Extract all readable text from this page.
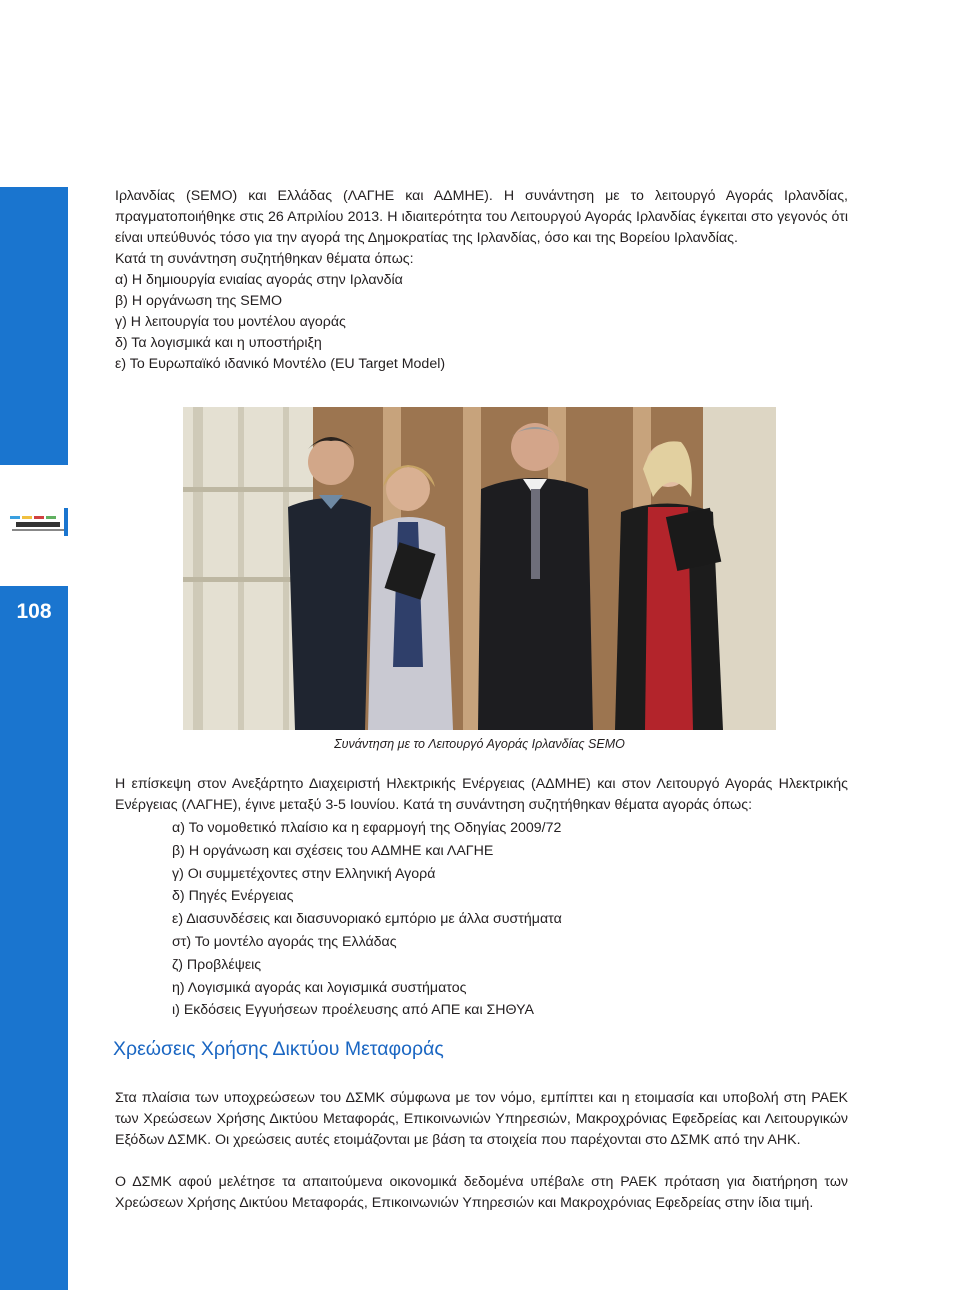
108
Ιρλανδίας (SEMO) και Ελλάδας (ΛΑΓΗΕ και ΑΔΜΗΕ). Η συνάντηση με το λειτουργό Αγοράς Ιρλανδίας, πραγματοποιήθηκε στις 26 Απριλίου 2013. Η ιδιαιτερότητα του Λειτουργού Αγοράς Ιρλανδίας έγκειται στο γεγονός ότι είναι υπεύθυνός τόσο για την αγορά της Δημοκρατίας της Ιρλανδίας, όσο και της Βορείου Ιρλανδίας.
Κατά τη συνάντηση συζητήθηκαν θέματα όπως:
α) Η δημιουργία ενιαίας αγοράς στην Ιρλανδία
β) Η οργάνωση της SEMO
γ) Η λειτουργία του μοντέλου αγοράς
δ) Τα λογισμικά και η υποστήριξη
ε) Το Ευρωπαϊκό ιδανικό Μοντέλο (EU Target Model)
Συνάντηση με το Λειτουργό Αγοράς Ιρλανδίας SEMO
Η επίσκεψη στον Ανεξάρτητο Διαχειριστή Ηλεκτρικής Ενέργειας (ΑΔΜΗΕ) και στον Λειτουργό Αγοράς Ηλεκτρικής Ενέργειας (ΛΑΓΗΕ), έγινε μεταξύ 3-5 Ιουνίου. Κατά τη συνάντηση συζητήθηκαν θέματα αγοράς όπως:
α) Το νομοθετικό πλαίσιο κα η εφαρμογή της Οδηγίας 2009/72
β) Η οργάνωση και σχέσεις του ΑΔΜΗΕ και ΛΑΓΗΕ
γ) Οι συμμετέχοντες στην Ελληνική Αγορά
δ) Πηγές Ενέργειας
ε) Διασυνδέσεις και διασυνοριακό εμπόριο με άλλα συστήματα
στ) Το μοντέλο αγοράς της Ελλάδας
ζ) Προβλέψεις
η) Λογισμικά αγοράς και λογισμικά συστήματος
ι) Εκδόσεις Εγγυήσεων προέλευσης από ΑΠΕ και ΣΗΘΥΑ
Χρεώσεις Χρήσης Δικτύου Μεταφοράς
Στα πλαίσια των υποχρεώσεων του ΔΣΜΚ σύμφωνα με τον νόμο, εμπίπτει και η ετοιμασία και υποβολή στη ΡΑΕΚ των Χρεώσεων Χρήσης Δικτύου Μεταφοράς, Επικοινωνιών Υπηρεσιών, Μακροχρόνιας Εφεδρείας και Λειτουργικών Εξόδων ΔΣΜΚ. Οι χρεώσεις αυτές ετοιμάζονται με βάση τα στοιχεία που παρέχονται στο ΔΣΜΚ από την ΑΗΚ.
Ο ΔΣΜΚ αφού μελέτησε τα απαιτούμενα οικονομικά δεδομένα υπέβαλε στη ΡΑΕΚ πρόταση για διατήρηση των Χρεώσεων Χρήσης Δικτύου Μεταφοράς, Επικοινωνιών Υπηρεσιών και Μακροχρόνιας Εφεδρείας στην ίδια τιμή.
